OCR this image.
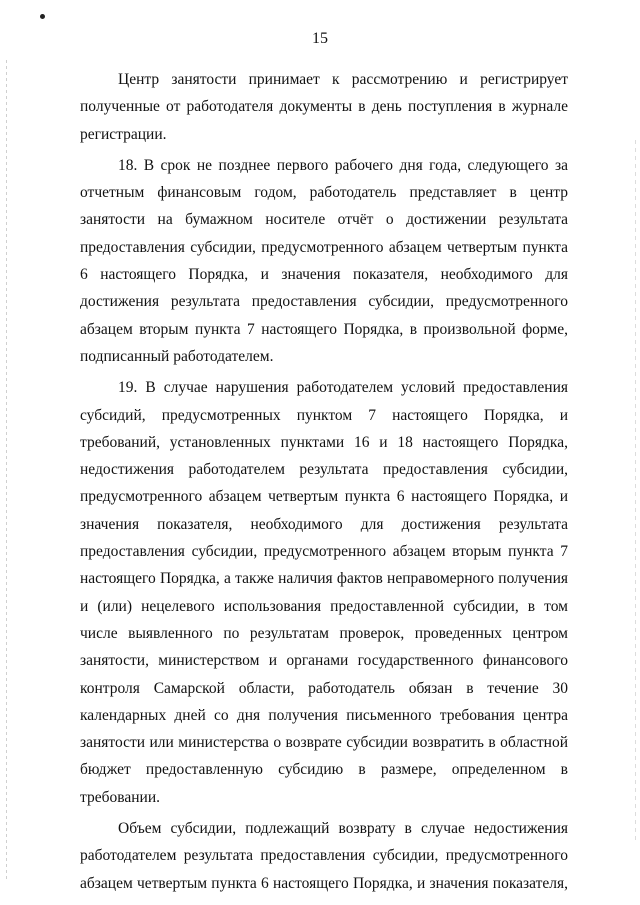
15

Центр занятости принимает к рассмотрению и регистрирует полученные от работодателя документы в день поступления в журнале регистрации.

18. В срок не позднее первого рабочего дня года, следующего за отчетным финансовым годом, работодатель представляет в центр занятости на бумажном носителе отчёт о достижении результата предоставления субсидии, предусмотренного абзацем четвертым пункта 6 настоящего Порядка, и значения показателя, необходимого для достижения результата предоставления субсидии, предусмотренного абзацем вторым пункта 7 настоящего Порядка, в произвольной форме, подписанный работодателем.

19. В случае нарушения работодателем условий предоставления субсидий, предусмотренных пунктом 7 настоящего Порядка, и требований, установленных пунктами 16 и 18 настоящего Порядка, недостижения работодателем результата предоставления субсидии, предусмотренного абзацем четвертым пункта 6 настоящего Порядка, и значения показателя, необходимого для достижения результата предоставления субсидии, предусмотренного абзацем вторым пункта 7 настоящего Порядка, а также наличия фактов неправомерного получения и (или) нецелевого использования предоставленной субсидии, в том числе выявленного по результатам проверок, проведенных центром занятости, министерством и органами государственного финансового контроля Самарской области, работодатель обязан в течение 30 календарных дней со дня получения письменного требования центра занятости или министерства о возврате субсидии возвратить в областной бюджет предоставленную субсидию в размере, определенном в требовании.

Объем субсидии, подлежащий возврату в случае недостижения работодателем результата предоставления субсидии, предусмотренного абзацем четвертым пункта 6 настоящего Порядка, и значения показателя,
